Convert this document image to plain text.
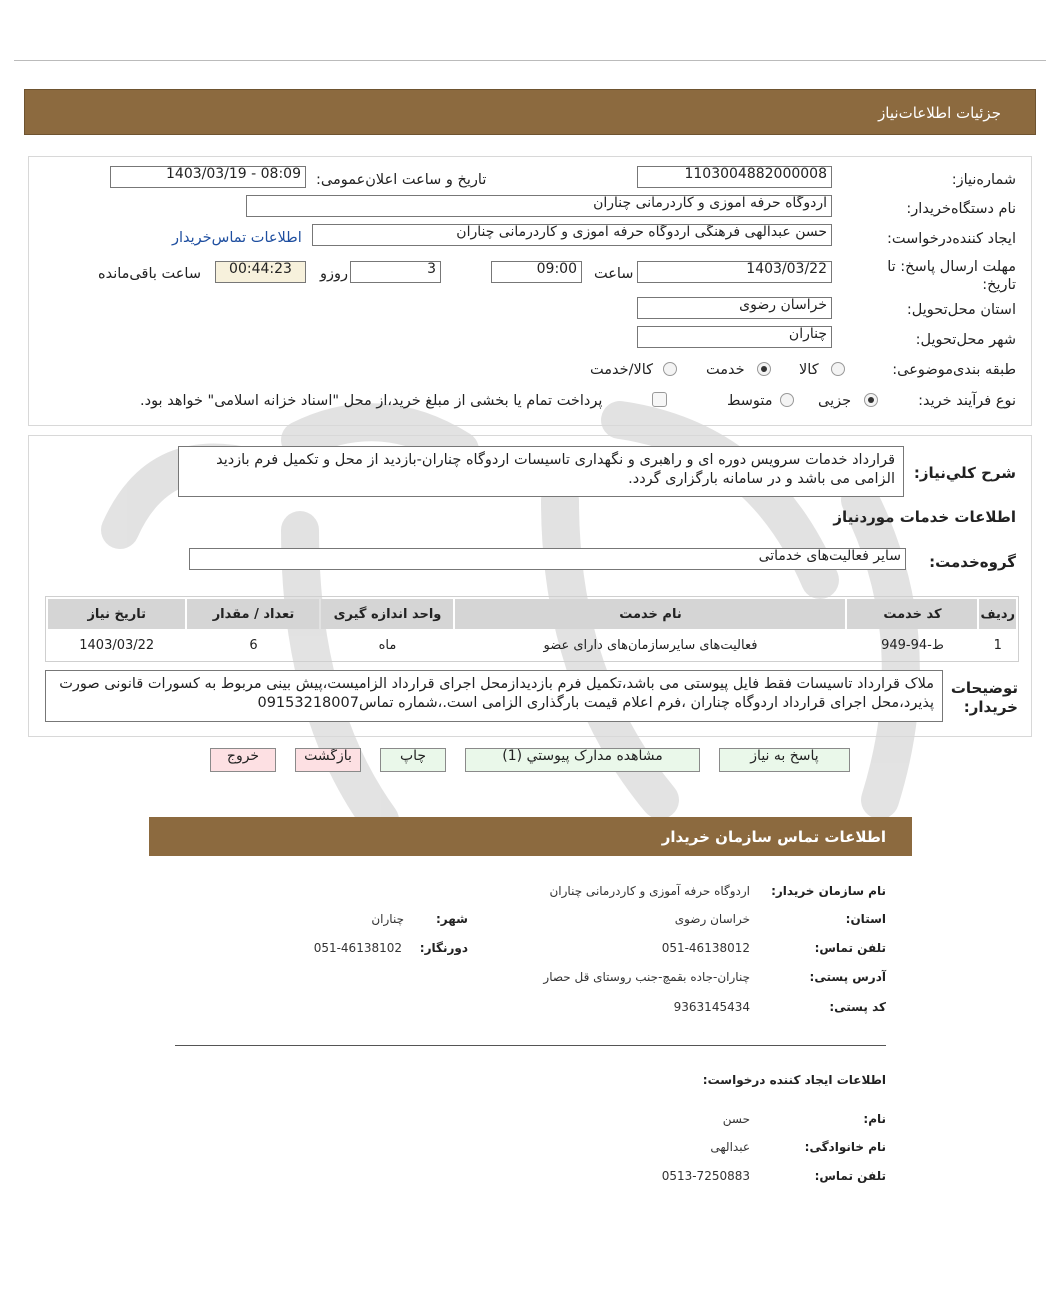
جزئیات اطلاعات‌نیاز
شماره‌نیاز:
1103004882000008
تاریخ و ساعت اعلان‌عمومی:
1403/03/19 - 08:09
نام دستگاه‌خریدار:
اردوگاه حرفه آموزی و کاردرمانی چناران
ایجاد کننده‌درخواست:
حسن عبدالهی فرهنگی اردوگاه حرفه آموزی و کاردرمانی چناران
اطلاعات تماس‌خریدار
مهلت ارسال پاسخ: تا تاریخ:
1403/03/22
ساعت
09:00
3
روزو
00:44:23
ساعت باقی‌مانده
استان محل‌تحویل:
خراسان رضوی
شهر محل‌تحویل:
چناران
طبقه بندی‌موضوعی:
کالا
خدمت
کالا/خدمت
نوع فرآیند خرید:
جزیی
متوسط
پرداخت تمام یا بخشی از مبلغ خرید،از محل "اسناد خزانه اسلامی" خواهد بود.
شرح کلي‌نياز:
قرارداد خدمات سرویس دوره ای و راهبری و نگهداری تاسیسات اردوگاه چناران-بازدید از محل و تکمیل فرم بازدید الزامی می باشد و در سامانه بارگزاری گردد.
اطلاعات خدمات موردنیاز
گروه‌خدمت:
سایر فعالیت‌های خدماتی
ردیف	کد خدمت	نام خدمت	واحد اندازه گیری	تعداد / مقدار	تاریخ نیاز
1	ط-94-949	فعالیت‌های سایرسازمان‌های دارای عضو	ماه	6	1403/03/22
توضیحات خریدار:
ملاک قرارداد تاسیسات فقط فایل پیوستی می باشد،تکمیل فرم بازدیدازمحل اجرای قرارداد الزامیست،پیش بینی مربوط به کسورات قانونی صورت پذیرد،محل اجرای قرارداد اردوگاه چناران ،فرم اعلام قیمت بارگذاری الزامی است.،شماره تماس09153218007
پاسخ به نیاز
مشاهده مدارک پیوستي (1)
چاپ
بازگشت
خروج
اطلاعات تماس سازمان خریدار
نام سازمان خریدار:
اردوگاه حرفه آموزی و کاردرمانی چناران
استان:
خراسان رضوی
شهر:
چناران
تلفن تماس:
051-46138012
دورنگار:
051-46138102
آدرس پستی:
چناران-جاده بقمچ-جنب روستای قل حصار
کد پستی:
9363145434
اطلاعات ایجاد کننده درخواست:
نام:
حسن
نام خانوادگی:
عبدالهی
تلفن تماس:
0513-7250883
